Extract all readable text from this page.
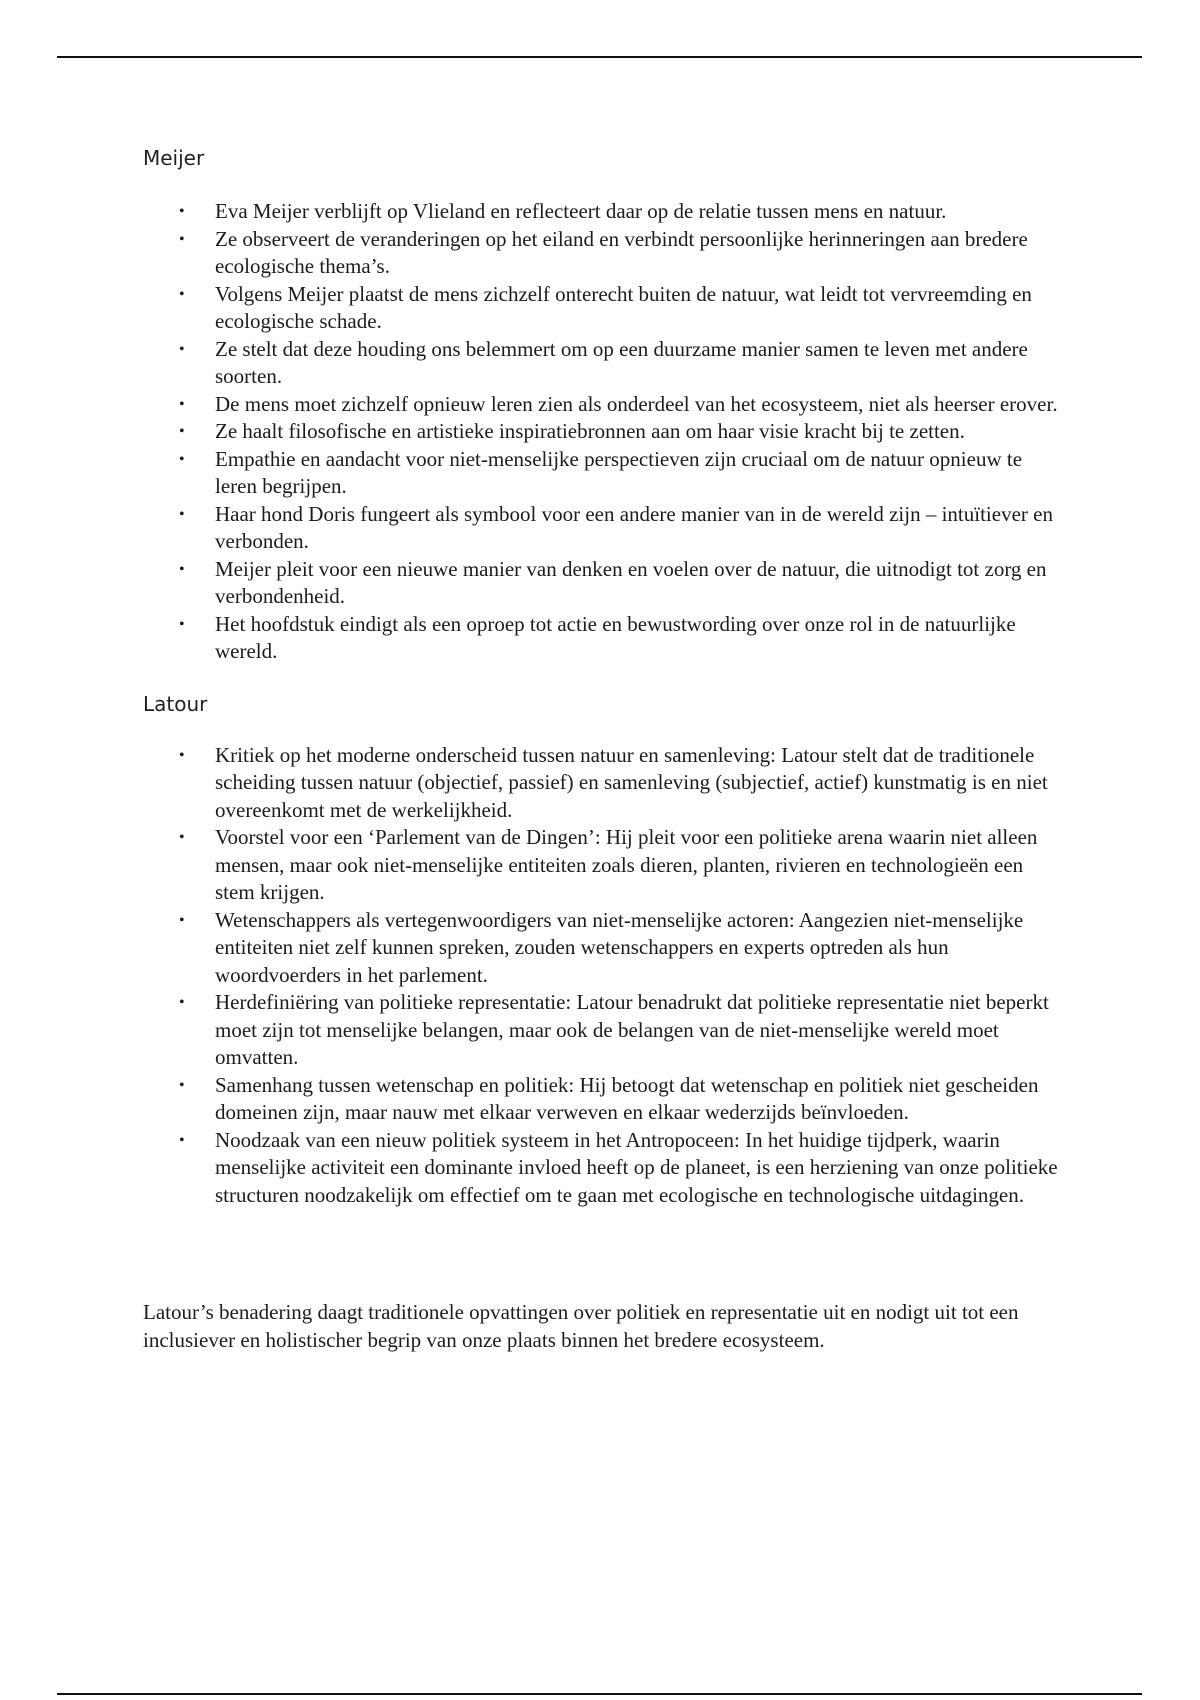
Meijer
• Eva Meijer verblijft op Vlieland en reflecteert daar op de relatie tussen mens en natuur.
• Ze observeert de veranderingen op het eiland en verbindt persoonlijke herinneringen aan bredere ecologische thema’s.
• Volgens Meijer plaatst de mens zichzelf onterecht buiten de natuur, wat leidt tot vervreemding en ecologische schade.
• Ze stelt dat deze houding ons belemmert om op een duurzame manier samen te leven met andere soorten.
• De mens moet zichzelf opnieuw leren zien als onderdeel van het ecosysteem, niet als heerser erover.
• Ze haalt filosofische en artistieke inspiratiebronnen aan om haar visie kracht bij te zetten.
• Empathie en aandacht voor niet-menselijke perspectieven zijn cruciaal om de natuur opnieuw te leren begrijpen.
• Haar hond Doris fungeert als symbool voor een andere manier van in de wereld zijn – intuïtiever en verbonden.
• Meijer pleit voor een nieuwe manier van denken en voelen over de natuur, die uitnodigt tot zorg en verbondenheid.
• Het hoofdstuk eindigt als een oproep tot actie en bewustwording over onze rol in de natuurlijke wereld.
Latour
• Kritiek op het moderne onderscheid tussen natuur en samenleving: Latour stelt dat de traditionele scheiding tussen natuur (objectief, passief) en samenleving (subjectief, actief) kunstmatig is en niet overeenkomt met de werkelijkheid.
• Voorstel voor een ‘Parlement van de Dingen’: Hij pleit voor een politieke arena waarin niet alleen mensen, maar ook niet-menselijke entiteiten zoals dieren, planten, rivieren en technologieën een stem krijgen.
• Wetenschappers als vertegenwoordigers van niet-menselijke actoren: Aangezien niet-menselijke entiteiten niet zelf kunnen spreken, zouden wetenschappers en experts optreden als hun woordvoerders in het parlement.
• Herdefiniëring van politieke representatie: Latour benadrukt dat politieke representatie niet beperkt moet zijn tot menselijke belangen, maar ook de belangen van de niet-menselijke wereld moet omvatten.
• Samenhang tussen wetenschap en politiek: Hij betoogt dat wetenschap en politiek niet gescheiden domeinen zijn, maar nauw met elkaar verweven en elkaar wederzijds beïnvloeden.
• Noodzaak van een nieuw politiek systeem in het Antropoceen: In het huidige tijdperk, waarin menselijke activiteit een dominante invloed heeft op de planeet, is een herziening van onze politieke structuren noodzakelijk om effectief om te gaan met ecologische en technologische uitdagingen.

Latour’s benadering daagt traditionele opvattingen over politiek en representatie uit en nodigt uit tot een inclusiever en holistischer begrip van onze plaats binnen het bredere ecosysteem.
